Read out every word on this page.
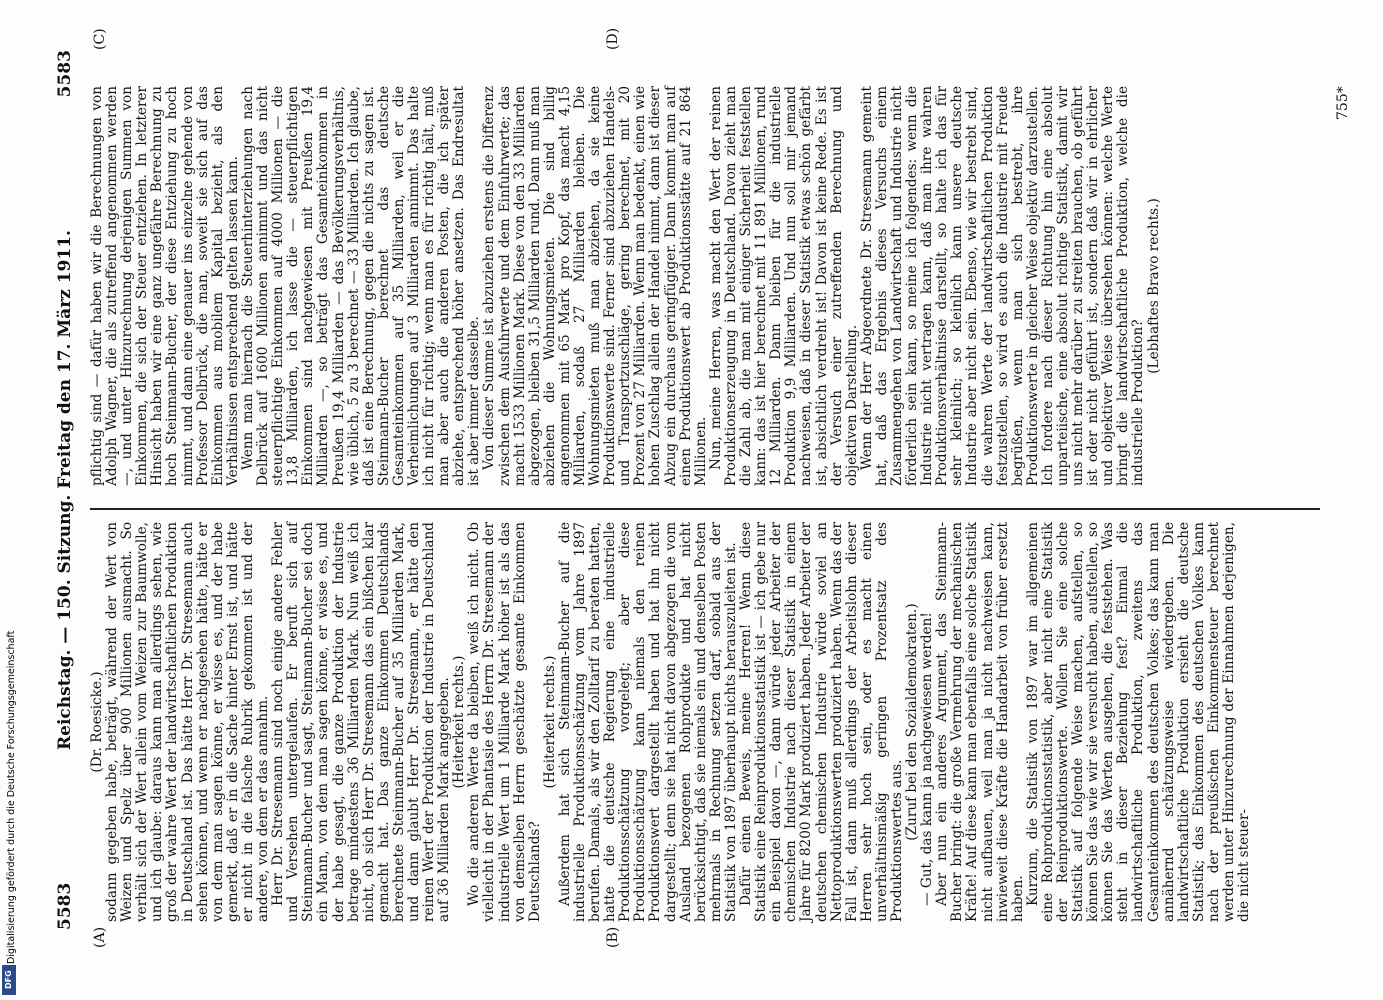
5583
Reichstag. — 150. Sitzung. Freitag den 17. März 1911.
5583
(A)	(B)
(C)	(D)
(Dr. Roesicke.) sodann gegeben habe, beträgt, während der Wert von Weizen und Spelz über 900 Millionen ausmacht. So verhält sich der Wert allein vom Weizen zur Baumwolle, und ich glaube: daraus kann man allerdings sehen, wie groß der wahre Wert der landwirtschaftlichen Produktion in Deutschland ist. Das hätte Herr Dr. Stresemann auch sehen können, und wenn er nachgesehen hätte, hätte er von dem man sagen könne, er wisse es, und der habe gemerkt, daß er in die Sache hinter Ernst ist, und hätte er nicht in die falsche Rubrik gekommen ist und der andere, von dem er das annahm. Herr Dr. Stresemann sind noch einige andere Fehler und Versehen untergelaufen. Er beruft sich auf Steinmann-Bucher und sagt, Steinmann-Bucher sei doch ein Mann, von dem man sagen könne, er wisse es, und der habe gesagt, die ganze Produktion der Industrie betrage mindestens 36 Milliarden Mark. Nun weiß ich nicht, ob sich Herr Dr. Stresemann das ein bißchen klar gemacht hat. Das ganze Einkommen Deutschlands berechnete Steinmann-Bucher auf 35 Milliarden Mark, und dann glaubt Herr Dr. Stresemann, er hätte den reinen Wert der Produktion der Industrie in Deutschland auf 36 Milliarden Mark angegeben. (Heiterkeit rechts.) Wo die anderen Werte da bleiben, weiß ich nicht. Ob vielleicht in der Phantasie des Herrn Dr. Stresemann der industrielle Wert um 1 Milliarde Mark höher ist als das von demselben Herrn geschätzte gesamte Einkommen Deutschlands?

(Heiterkeit rechts.) Außerdem hat sich Steinmann-Bucher auf die industrielle Produktionsschätzung vom Jahre 1897 berufen. Damals, als wir den Zolltarif zu beraten hatten, hatte die deutsche Regierung eine industrielle Produktionsschätzung vorgelegt; aber diese Produktionsschätzung kann niemals den reinen Produktionswert dargestellt haben und hat ihn nicht dargestellt; denn sie hat nicht davon abgezogen die vom Ausland bezogenen Rohprodukte und hat nicht berücksichtigt, daß sie niemals ein und denselben Posten mehrmals in Rechnung setzen darf, sobald aus der Statistik von 1897 überhaupt nichts herauszuleiten ist. Dafür einen Beweis, meine Herren! Wenn diese Statistik eine Reinproduktionsstatistik ist — ich gebe nur ein Beispiel davon —, dann würde jeder Arbeiter der chemischen Industrie nach dieser Statistik in einem Jahre für 8200 Mark produziert haben. Jeder Arbeiter der deutschen chemischen Industrie würde soviel an Nettoproduktionswerten produziert haben. Wenn das der Fall ist, dann muß allerdings der Arbeitslohn dieser Herren sehr hoch sein, oder es macht einen unverhältnismäßig geringen Prozentsatz des Produktionswertes aus.

(Zuruf bei den Sozialdemokraten.) — Gut, das kann ja nachgewiesen werden! Aber nun ein anderes Argument, das Steinmann-Bucher bringt: die große Vermehrung der mechanischen Kräfte! Auf diese kann man ebenfalls eine solche Statistik nicht aufbauen, weil man ja nicht nachweisen kann, inwieweit diese Kräfte die Handarbeit von früher ersetzt haben. Kurzum, die Statistik von 1897 war im allgemeinen eine Rohproduktionsstatistik, aber nicht eine Statistik der Reinproduktionswerte. Wollen Sie eine solche Statistik auf folgende Weise machen, aufstellen, so können Sie das wie wir sie versucht haben, aufstellen, so können Sie das Werten ausgehen, die feststehen. Was steht in dieser Beziehung fest? Einmal die landwirtschaftliche Produktion, zweitens das Gesamteinkommen des deutschen Volkes; das kann man annähernd schätzungsweise wiedergeben. Die landwirtschaftliche Produktion ersieht die deutsche Statistik; das Einkommen des deutschen Volkes kann nach der preußischen Einkommensteuer berechnet werden unter Hinzurechnung der Einnahmen derjenigen, die nicht steuer-

pflichtig sind — dafür haben wir die Berechnungen von Adolph Wagner, die als zutreffend angenommen werden —, und unter Hinzurechnung derjenigen Summen von Einkommen, die sich der Steuer entziehen. In letzterer Hinsicht haben wir eine ganz ungefähre Berechnung zu hoch Steinmann-Bucher, der diese Entziehung zu hoch nimmt, und dann eine genauer ins einzelne gehende von Professor Delbrück, die man, soweit sie sich auf das Einkommen aus mobilem Kapital bezieht, als den Verhältnissen entsprechend gelten lassen kann. Wenn man hiernach die Steuerhinterziehungen nach Delbrück auf 1600 Millionen annimmt und das nicht steuerpflichtige Einkommen auf 4000 Millionen — die 13,8 Milliarden, ich lasse die — steuerpflichtigen Einkommen sind nachgewiesen mit Preußen 19,4 Milliarden —, so beträgt das Gesamteinkommen in Preußen 19,4 Milliarden — das Bevölkerungsverhältnis, wie üblich, 5 zu 3 berechnet — 33 Milliarden. Ich glaube, daß ist eine Berechnung, gegen die nichts zu sagen ist. Steinmann-Bucher berechnet das deutsche Gesamteinkommen auf 35 Milliarden, weil er die Verheimlichungen auf 3 Milliarden annimmt. Das halte ich nicht für richtig; wenn man es für richtig hält, muß man aber auch die anderen Posten, die ich später abziehe, entsprechend höher ansetzen. Das Endresultat ist aber immer dasselbe. Von dieser Summe ist abzuziehen erstens die Differenz zwischen dem Ausfuhrwerte und dem Einfuhrwerte; das macht 1533 Millionen Mark. Diese von den 33 Milliarden abgezogen, bleiben 31,5 Milliarden rund. Dann muß man abziehen die Wohnungsmieten. Die sind billig angenommen mit 65 Mark pro Kopf, das macht 4,15 Milliarden, sodaß 27 Milliarden bleiben. Die Wohnungsmieten muß man abziehen, da sie keine Produktionswerte sind. Ferner sind abzuziehen Handels- und Transportzuschläge, gering berechnet, mit 20 Prozent von 27 Milliarden. Wenn man bedenkt, einen wie hohen Zuschlag allein der Handel nimmt, dann ist dieser Abzug ein durchaus geringfügiger. Dann kommt man auf einen Produktionswert ab Produktionsstätte auf 21 864 Millionen. Nun, meine Herren, was macht den Wert der reinen Produktionserzeugung in Deutschland. Davon zieht man die Zahl ab, die man mit einiger Sicherheit feststellen kann: das ist hier berechnet mit 11 891 Millionen, rund 12 Milliarden. Dann bleiben für die industrielle Produktion 9,9 Milliarden. Und nun soll mir jemand nachweisen, daß in dieser Statistik etwas schön gefärbt ist, absichtlich verdreht ist! Davon ist keine Rede. Es ist der Versuch einer zutreffenden Berechnung und objektiven Darstellung. Wenn der Herr Abgeordnete Dr. Stresemann gemeint hat, daß das Ergebnis dieses Versuchs einem Zusammengehen von Landwirtschaft und Industrie nicht förderlich sein kann, so meine ich folgendes: wenn die Industrie nicht vertragen kann, daß man ihre wahren Produktionsverhältnisse darstellt, so halte ich das für sehr kleinlich; so kleinlich kann unsere deutsche Industrie aber nicht sein. Ebenso, wie wir bestrebt sind, die wahren Werte der landwirtschaftlichen Produktion festzustellen, so wird es auch die Industrie mit Freude begrüßen, wenn man sich bestrebt, ihre Produktionswerte in gleicher Weise objektiv darzustellen. Ich fordere nach dieser Richtung hin eine absolut unparteiische, eine absolut richtige Statistik, damit wir uns nicht mehr darüber zu streiten brauchen, ob geführt ist oder nicht geführt ist, sondern daß wir in ehrlicher und objektiver Weise übersehen können: welche Werte bringt die landwirtschaftliche Produktion, welche die industrielle Produktion?

(Lebhaftes Bravo rechts.)

755*
Digitalisierung gefördert durch die Deutsche Forschungsgemeinschaft
DFG
